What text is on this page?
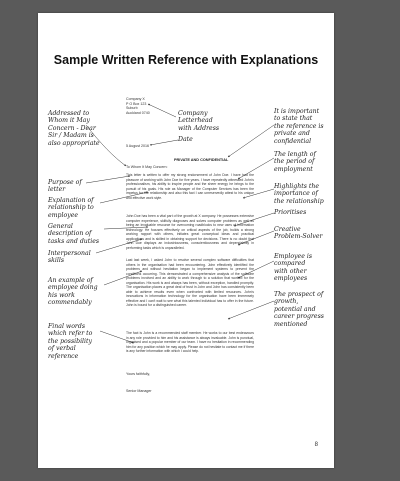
Sample Written Reference with Explanations
Company X
P O Box 123
Suburb
Auckland 0740
5 August 2016
PRIVATE AND CONFIDENTIAL
To Whom It May Concern:
This letter is written to offer my strong endorsement of John Doe. I have had the pleasure of working with John Doe for five years. I have repeatedly witnessed John's professionalism, his ability to inspire people and the sheer energy he brings to the pursuit of his goals. His role as Manager of the Computer Services has been the impetus for the relationship and also this fact I can unreservedly attest to his unique and effective work style.
John Doe has been a vital part of the growth at X company. He possesses extensive computer experience, skilfully diagnoses and solves computer problems as well as being an invaluable resource for overcoming roadblocks to new uses of information technology. He focuses effectively on critical aspects of the job, builds a strong working rapport with others, initiates great conceptual ideas and practical applications and is skilled in obtaining support for decisions. There is no doubt that John Doe displays an industriousness, conscientiousness and dependability in performing tasks which is unparalleled.
Last last week, I asked John to resolve several complex software difficulties that others in the organisation had been encountering. John effectively identified the problems and without hesitation began to implement systems to prevent the conditions occurring. This demonstrated a comprehensive analysis of the software problems involved and an ability to work through to a solution that worked for the organisation. His work is and always has been, without exception, handled promptly. The organisation places a great deal of trust in John and John has consistently been able to achieve results even when confronted with limited resources. John's innovations in information technology for the organisation have been immensely effective and I can't wait to see what this talented individual has to offer in the future. John is bound for a distinguished career.
The fact is John is a recommended staff member. He works to our best endeavours in any role provided to him and his assistance is always invaluable. John is punctual, organised and a popular member of our team. I have no hesitation in recommending him for any position which he may apply. Please do not hesitate to contact me if there is any further information with which I could help.
Yours faithfully,
Senior Manager
Addressed to
Whom it May
Concern - Dear
Sir / Madam is
also appropriate
Purpose of
letter
Explanation of
relationship to
employee
General
description of
tasks and duties
Interpersonal
skills
An example of
employee doing
his work
commendably
Final words
which refer to
the possibility
of verbal
reference
Company
Letterhead
with Address
Date
It is important
to state that
the reference is
private and
confidential
The length of
the period of
employment
Highlights the
importance of
the relationship
Prioritises
Creative
Problem-Solver
Employee is
compared
with other
employees
The prospect of
growth,
potential and
career progress
mentioned
8
